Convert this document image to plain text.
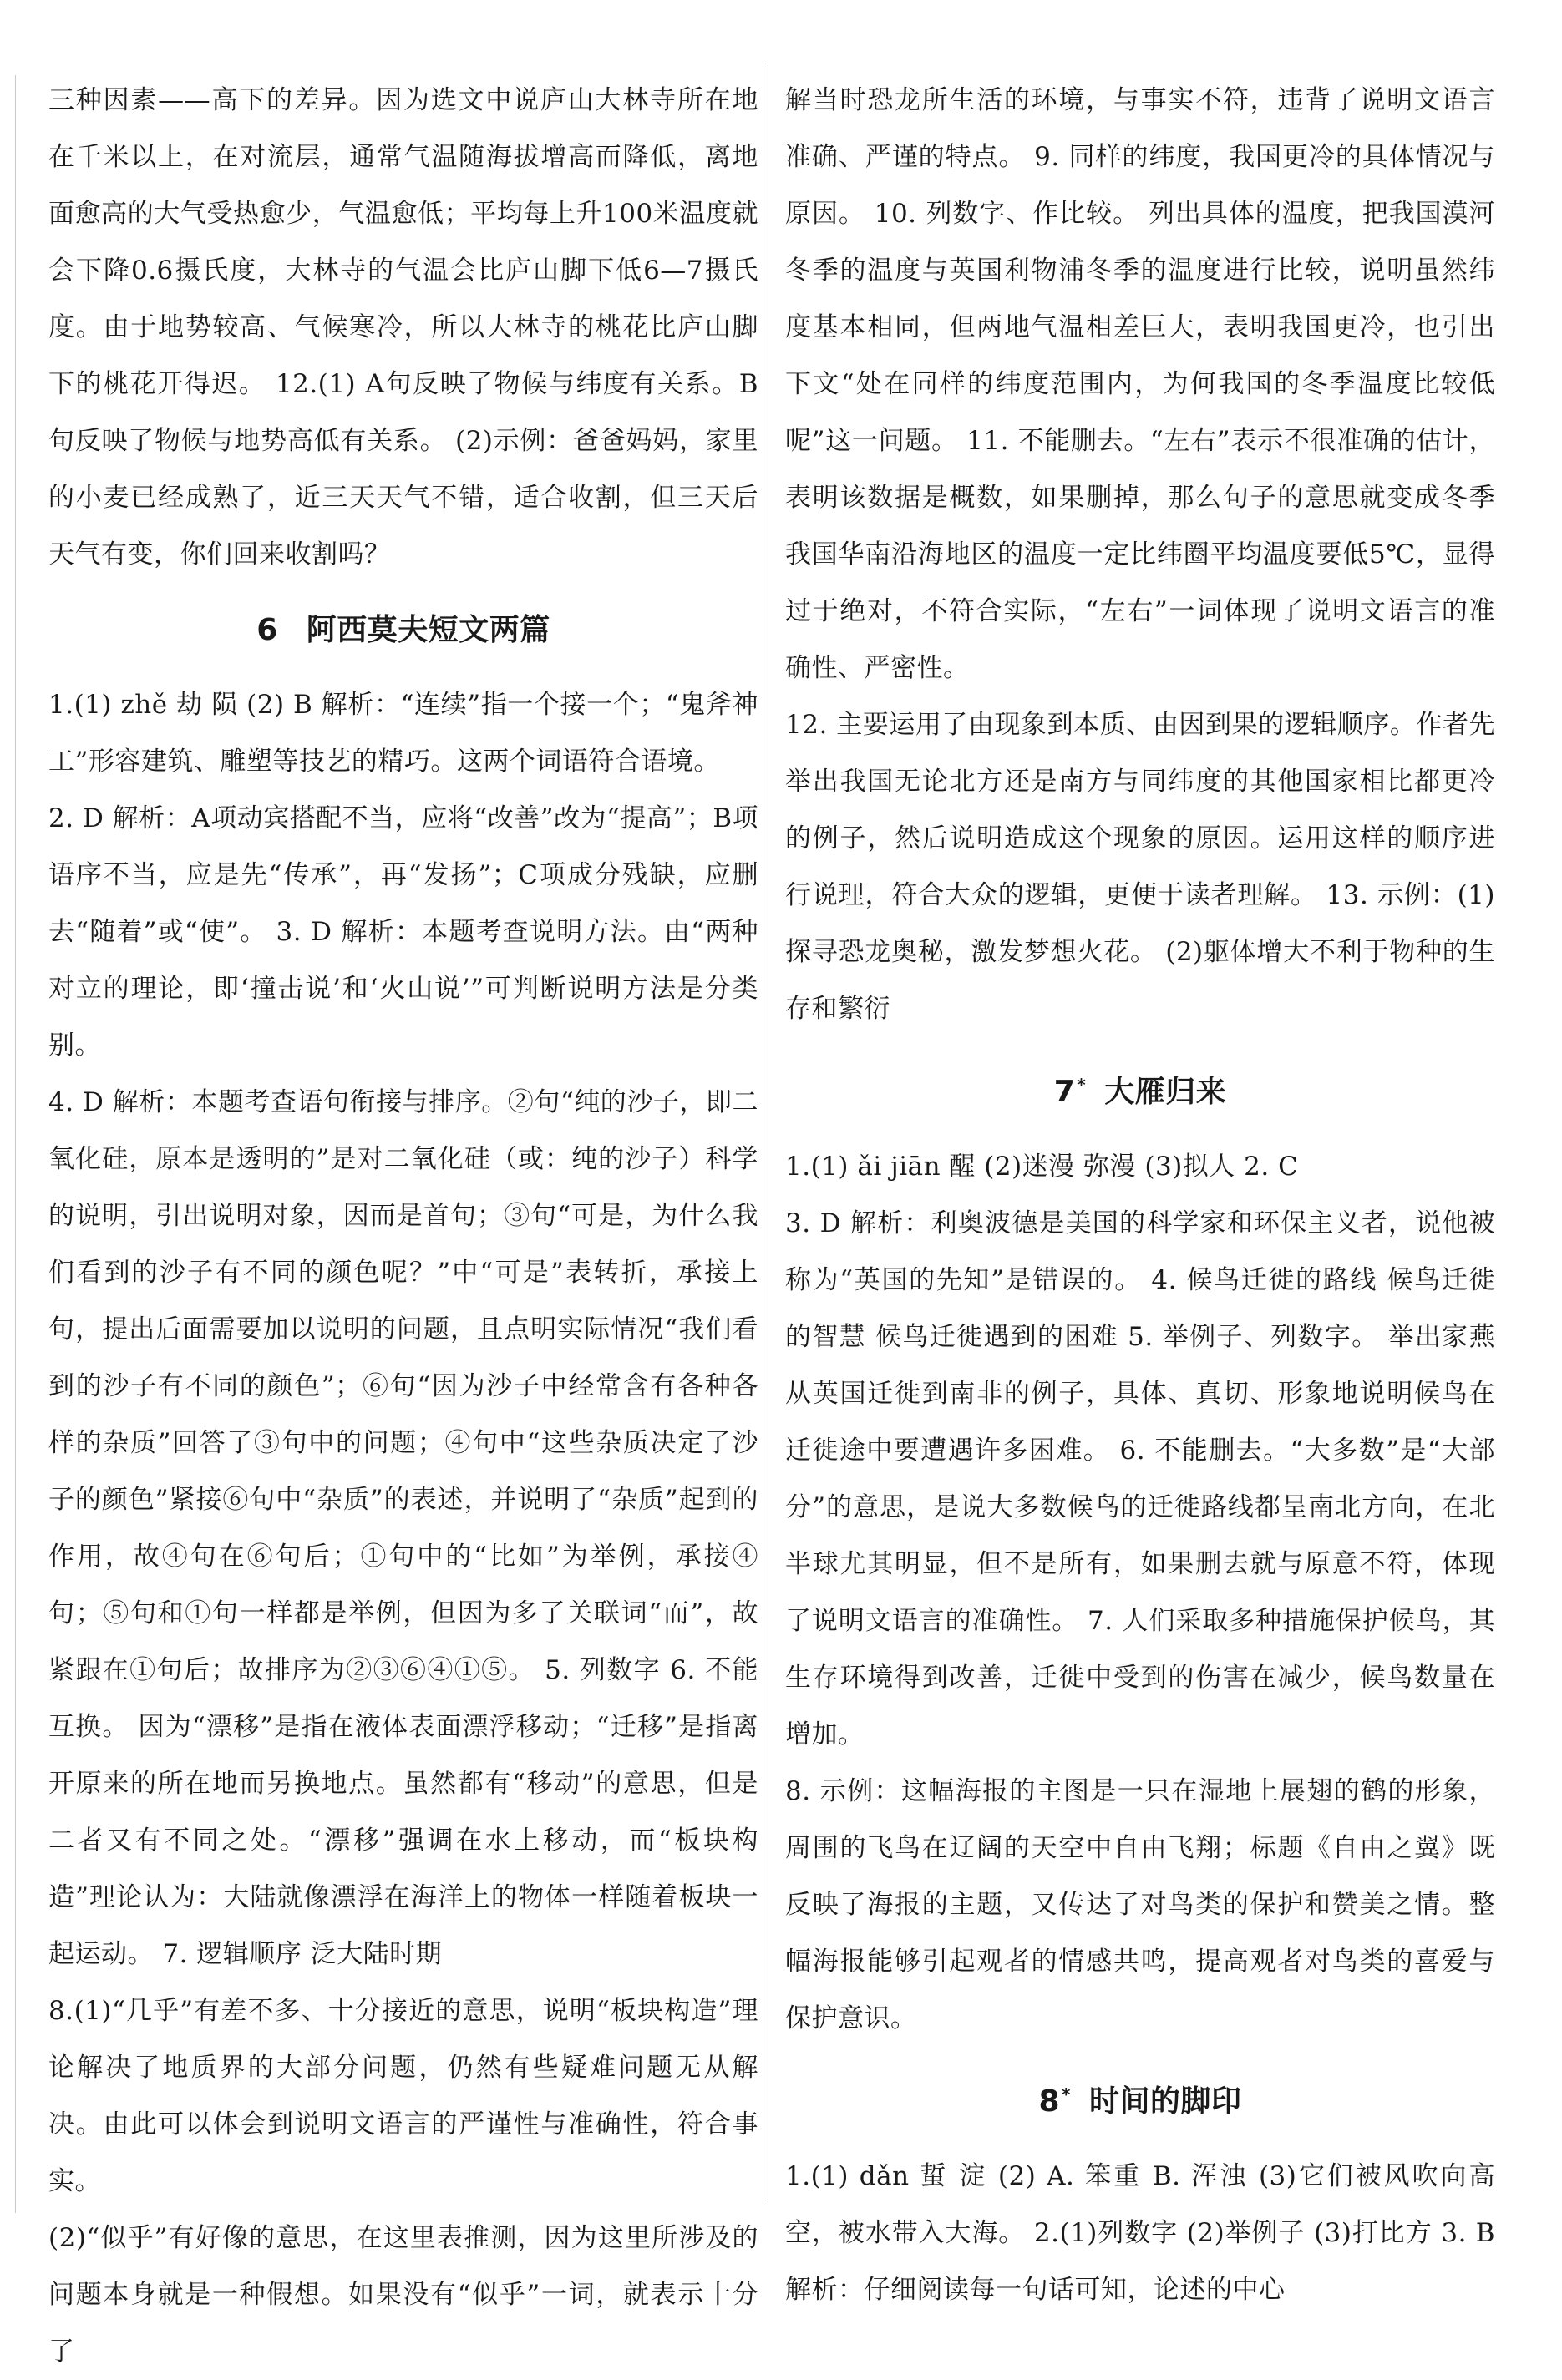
三种因素——高下的差异。因为选文中说庐山大林寺所在地在千米以上，在对流层，通常气温随海拔增高而降低，离地面愈高的大气受热愈少，气温愈低；平均每上升100米温度就会下降0.6摄氏度，大林寺的气温会比庐山脚下低6—7摄氏度。由于地势较高、气候寒冷，所以大林寺的桃花比庐山脚下的桃花开得迟。 12.(1) A句反映了物候与纬度有关系。B句反映了物候与地势高低有关系。 (2)示例：爸爸妈妈，家里的小麦已经成熟了，近三天天气不错，适合收割，但三天后天气有变，你们回来收割吗？

6 阿西莫夫短文两篇

1.(1) zhě 劫 陨 (2) B 解析：“连续”指一个接一个；“鬼斧神工”形容建筑、雕塑等技艺的精巧。这两个词语符合语境。

2. D 解析：A项动宾搭配不当，应将“改善”改为“提高”；B项语序不当，应是先“传承”，再“发扬”；C项成分残缺，应删去“随着”或“使”。 3. D 解析：本题考查说明方法。由“两种对立的理论，即‘撞击说’和‘火山说’”可判断说明方法是分类别。

4. D 解析：本题考查语句衔接与排序。②句“纯的沙子，即二氧化硅，原本是透明的”是对二氧化硅（或：纯的沙子）科学的说明，引出说明对象，因而是首句；③句“可是，为什么我们看到的沙子有不同的颜色呢？”中“可是”表转折，承接上句，提出后面需要加以说明的问题，且点明实际情况“我们看到的沙子有不同的颜色”；⑥句“因为沙子中经常含有各种各样的杂质”回答了③句中的问题；④句中“这些杂质决定了沙子的颜色”紧接⑥句中“杂质”的表述，并说明了“杂质”起到的作用，故④句在⑥句后；①句中的“比如”为举例，承接④句；⑤句和①句一样都是举例，但因为多了关联词“而”，故紧跟在①句后；故排序为②③⑥④①⑤。 5. 列数字 6. 不能互换。 因为“漂移”是指在液体表面漂浮移动；“迁移”是指离开原来的所在地而另换地点。虽然都有“移动”的意思，但是二者又有不同之处。“漂移”强调在水上移动，而“板块构造”理论认为：大陆就像漂浮在海洋上的物体一样随着板块一起运动。 7. 逻辑顺序 泛大陆时期

8.(1)“几乎”有差不多、十分接近的意思，说明“板块构造”理论解决了地质界的大部分问题，仍然有些疑难问题无从解决。由此可以体会到说明文语言的严谨性与准确性，符合事实。

(2)“似乎”有好像的意思，在这里表推测，因为这里所涉及的问题本身就是一种假想。如果没有“似乎”一词，就表示十分了

解当时恐龙所生活的环境，与事实不符，违背了说明文语言准确、严谨的特点。 9. 同样的纬度，我国更冷的具体情况与原因。 10. 列数字、作比较。 列出具体的温度，把我国漠河冬季的温度与英国利物浦冬季的温度进行比较，说明虽然纬度基本相同，但两地气温相差巨大，表明我国更冷，也引出下文“处在同样的纬度范围内，为何我国的冬季温度比较低呢”这一问题。 11. 不能删去。“左右”表示不很准确的估计，表明该数据是概数，如果删掉，那么句子的意思就变成冬季我国华南沿海地区的温度一定比纬圈平均温度要低5℃，显得过于绝对，不符合实际，“左右”一词体现了说明文语言的准确性、严密性。

12. 主要运用了由现象到本质、由因到果的逻辑顺序。作者先举出我国无论北方还是南方与同纬度的其他国家相比都更冷的例子，然后说明造成这个现象的原因。运用这样的顺序进行说理，符合大众的逻辑，更便于读者理解。 13. 示例：(1)探寻恐龙奥秘，激发梦想火花。 (2)躯体增大不利于物种的生存和繁衍

7 * 大雁归来

1.(1) ǎi jiān 醒 (2)迷漫 弥漫 (3)拟人 2. C

3. D 解析：利奥波德是美国的科学家和环保主义者，说他被称为“英国的先知”是错误的。 4. 候鸟迁徙的路线 候鸟迁徙的智慧 候鸟迁徙遇到的困难 5. 举例子、列数字。 举出家燕从英国迁徙到南非的例子，具体、真切、形象地说明候鸟在迁徙途中要遭遇许多困难。 6. 不能删去。“大多数”是“大部分”的意思，是说大多数候鸟的迁徙路线都呈南北方向，在北半球尤其明显，但不是所有，如果删去就与原意不符，体现了说明文语言的准确性。 7. 人们采取多种措施保护候鸟，其生存环境得到改善，迁徙中受到的伤害在减少，候鸟数量在增加。

8. 示例：这幅海报的主图是一只在湿地上展翅的鹤的形象，周围的飞鸟在辽阔的天空中自由飞翔；标题《自由之翼》既反映了海报的主题，又传达了对鸟类的保护和赞美之情。整幅海报能够引起观者的情感共鸣，提高观者对鸟类的喜爱与保护意识。

8 * 时间的脚印

1.(1) dǎn 蜇 淀 (2) A. 笨重 B. 浑浊 (3)它们被风吹向高空，被水带入大海。 2.(1)列数字 (2)举例子 (3)打比方 3. B 解析：仔细阅读每一句话可知，论述的中心
